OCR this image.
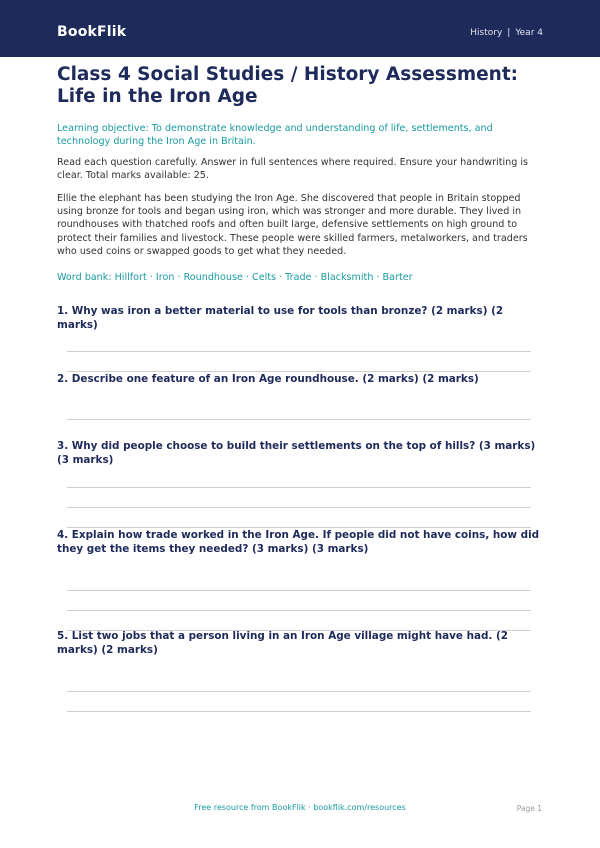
BookFlik	History | Year 4
Class 4 Social Studies / History Assessment: Life in the Iron Age

Learning objective: To demonstrate knowledge and understanding of life, settlements, and technology during the Iron Age in Britain.

Read each question carefully. Answer in full sentences where required. Ensure your handwriting is clear. Total marks available: 25.

Ellie the elephant has been studying the Iron Age. She discovered that people in Britain stopped using bronze for tools and began using iron, which was stronger and more durable. They lived in roundhouses with thatched roofs and often built large, defensive settlements on high ground to protect their families and livestock. These people were skilled farmers, metalworkers, and traders who used coins or swapped goods to get what they needed.

Word bank: Hillfort · Iron · Roundhouse · Celts · Trade · Blacksmith · Barter

1. Why was iron a better material to use for tools than bronze? (2 marks) (2 marks)

2. Describe one feature of an Iron Age roundhouse. (2 marks) (2 marks)

3. Why did people choose to build their settlements on the top of hills? (3 marks) (3 marks)

4. Explain how trade worked in the Iron Age. If people did not have coins, how did they get the items they needed? (3 marks) (3 marks)

5. List two jobs that a person living in an Iron Age village might have had. (2 marks) (2 marks)

Free resource from BookFlik · bookflik.com/resources	Page 1
